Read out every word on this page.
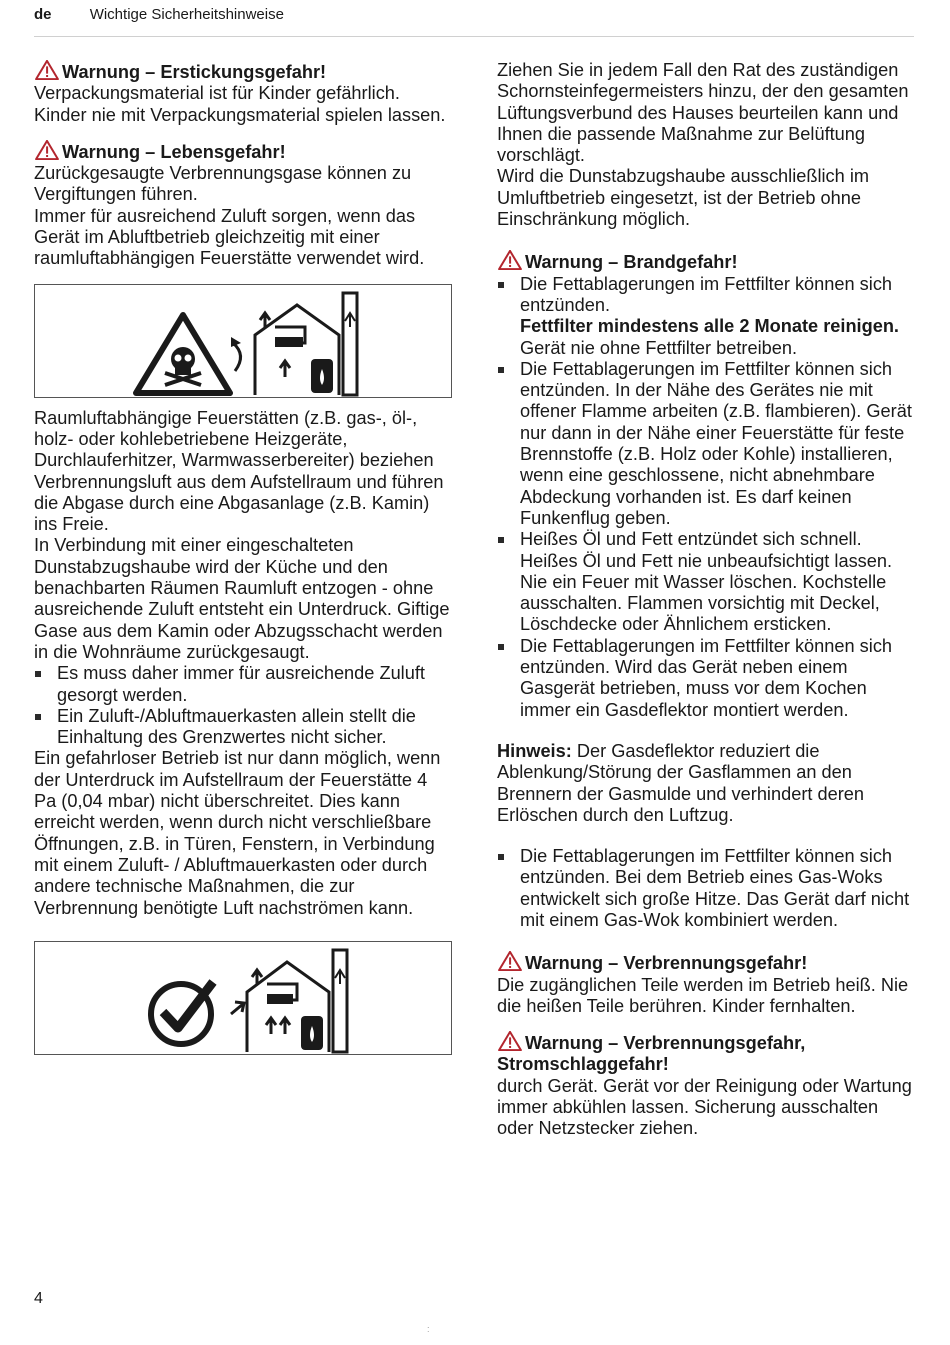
de	Wichtige Sicherheitshinweise
Warnung – Erstickungsgefahr!

Verpackungsmaterial ist für Kinder gefährlich. Kinder nie mit Verpackungsmaterial spielen lassen.

Warnung – Lebensgefahr!

Zurückgesaugte Verbrennungsgase können zu Vergiftungen führen.

Immer für ausreichend Zuluft sorgen, wenn das Gerät im Abluftbetrieb gleichzeitig mit einer raumluftabhängigen Feuerstätte verwendet wird.

Raumluftabhängige Feuerstätten (z.B. gas-, öl-, holz- oder kohlebetriebene Heizgeräte, Durchlauferhitzer, Warmwasserbereiter) beziehen Verbrennungsluft aus dem Aufstellraum und führen die Abgase durch eine Abgasanlage (z.B. Kamin) ins Freie.

In Verbindung mit einer eingeschalteten Dunstabzugshaube wird der Küche und den benachbarten Räumen Raumluft entzogen - ohne ausreichende Zuluft entsteht ein Unterdruck. Giftige Gase aus dem Kamin oder Abzugsschacht werden in die Wohnräume zurückgesaugt.

Es muss daher immer für ausreichende Zuluft gesorgt werden.
Ein Zuluft-/Abluftmauerkasten allein stellt die Einhaltung des Grenzwertes nicht sicher.

Ein gefahrloser Betrieb ist nur dann möglich, wenn der Unterdruck im Aufstellraum der Feuerstätte 4 Pa (0,04 mbar) nicht überschreitet. Dies kann erreicht werden, wenn durch nicht verschließbare Öffnungen, z.B. in Türen, Fenstern, in Verbindung mit einem Zuluft- / Abluftmauerkasten oder durch andere technische Maßnahmen, die zur Verbrennung benötigte Luft nachströmen kann.

Ziehen Sie in jedem Fall den Rat des zuständigen Schornsteinfegermeisters hinzu, der den gesamten Lüftungsverbund des Hauses beurteilen kann und Ihnen die passende Maßnahme zur Belüftung vorschlägt.

Wird die Dunstabzugshaube ausschließlich im Umluftbetrieb eingesetzt, ist der Betrieb ohne Einschränkung möglich.

Warnung – Brandgefahr!
Die Fettablagerungen im Fettfilter können sich entzünden.
Fettfilter mindestens alle 2 Monate reinigen.
Gerät nie ohne Fettfilter betreiben.
Die Fettablagerungen im Fettfilter können sich entzünden. In der Nähe des Gerätes nie mit offener Flamme arbeiten (z.B. flambieren). Gerät nur dann in der Nähe einer Feuerstätte für feste Brennstoffe (z.B. Holz oder Kohle) installieren, wenn eine geschlossene, nicht abnehmbare Abdeckung vorhanden ist. Es darf keinen Funkenflug geben.
Heißes Öl und Fett entzündet sich schnell. Heißes Öl und Fett nie unbeaufsichtigt lassen. Nie ein Feuer mit Wasser löschen. Kochstelle ausschalten. Flammen vorsichtig mit Deckel, Löschdecke oder Ähnlichem ersticken.
Die Fettablagerungen im Fettfilter können sich entzünden. Wird das Gerät neben einem Gasgerät betrieben, muss vor dem Kochen immer ein Gasdeflektor montiert werden.

Hinweis: Der Gasdeflektor reduziert die Ablenkung/Störung der Gasflammen an den Brennern der Gasmulde und verhindert deren Erlöschen durch den Luftzug.

Die Fettablagerungen im Fettfilter können sich entzünden. Bei dem Betrieb eines Gas-Woks entwickelt sich große Hitze. Das Gerät darf nicht mit einem Gas-Wok kombiniert werden.
Warnung – Verbrennungsgefahr!

Die zugänglichen Teile werden im Betrieb heiß. Nie die heißen Teile berühren. Kinder fernhalten.

Warnung – Verbrennungsgefahr, Stromschlaggefahr!

durch Gerät. Gerät vor der Reinigung oder Wartung immer abkühlen lassen. Sicherung ausschalten oder Netzstecker ziehen.

4
:
